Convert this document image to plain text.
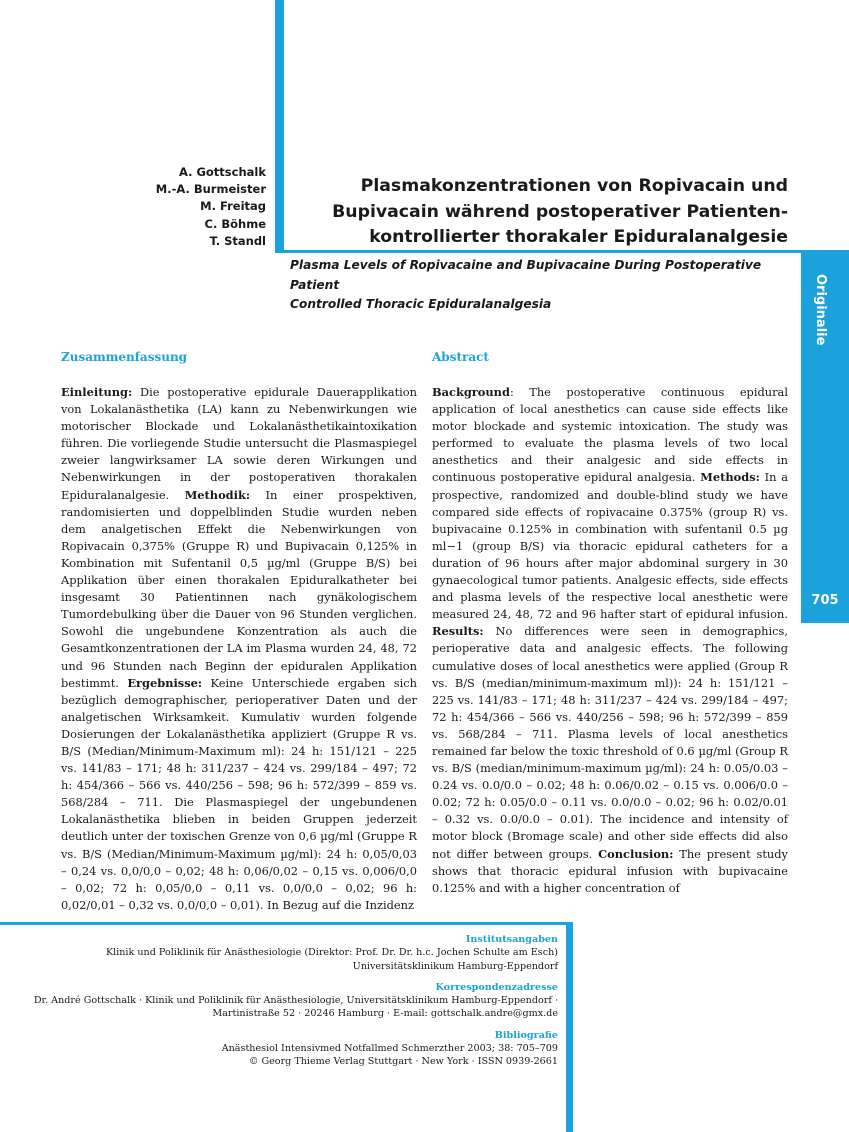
Originalie
705
A. Gottschalk
M.-A. Burmeister
M. Freitag
C. Böhme
T. Standl
Plasmakonzentrationen von Ropivacain und
Bupivacain während postoperativer Patienten-
kontrollierter thorakaler Epiduralanalgesie
Plasma Levels of Ropivacaine and Bupivacaine During Postoperative Patient
Controlled Thoracic Epiduralanalgesia
Zusammenfassung	Abstract

Einleitung: Die postoperative epidurale Dauerapplikation von Lokalanästhetika (LA) kann zu Nebenwirkungen wie motorischer Blockade und Lokalanästhetikaintoxikation führen. Die vorliegende Studie untersucht die Plasmaspiegel zweier langwirksamer LA sowie deren Wirkungen und Nebenwirkungen in der postoperativen thorakalen Epiduralanalgesie. Methodik: In einer prospektiven, randomisierten und doppelblinden Studie wurden neben dem analgetischen Effekt die Nebenwirkungen von Ropivacain 0,375% (Gruppe R) und Bupivacain 0,125% in Kombination mit Sufentanil 0,5 µg/ml (Gruppe B/S) bei Applikation über einen thorakalen Epiduralkatheter bei insgesamt 30 Patientinnen nach gynäkologischem Tumordebulking über die Dauer von 96 Stunden verglichen. Sowohl die ungebundene Konzentration als auch die Gesamtkonzentrationen der LA im Plasma wurden 24, 48, 72 und 96 Stunden nach Beginn der epiduralen Applikation bestimmt. Ergebnisse: Keine Unterschiede ergaben sich bezüglich demographischer, perioperativer Daten und der analgetischen Wirksamkeit. Kumulativ wurden folgende Dosierungen der Lokalanästhetika appliziert (Gruppe R vs. B/S (Median/Minimum-Maximum ml): 24 h: 151/121 – 225 vs. 141/83 – 171; 48 h: 311/237 – 424 vs. 299/184 – 497; 72 h: 454/366 – 566 vs. 440/256 – 598; 96 h: 572/399 – 859 vs. 568/284 – 711. Die Plasmaspiegel der ungebundenen Lokalanästhetika blieben in beiden Gruppen jederzeit deutlich unter der toxischen Grenze von 0,6 µg/ml (Gruppe R vs. B/S (Median/Minimum-Maximum µg/ml): 24 h: 0,05/0,03 – 0,24 vs. 0,0/0,0 – 0,02; 48 h: 0,06/0,02 – 0,15 vs. 0,006/0,0 – 0,02; 72 h: 0,05/0,0 – 0,11 vs. 0,0/0,0 – 0,02; 96 h: 0,02/0,01 – 0,32 vs. 0,0/0,0 – 0,01). In Bezug auf die Inzidenz

Background: The postoperative continuous epidural application of local anesthetics can cause side effects like motor blockade and systemic intoxication. The study was performed to evaluate the plasma levels of two local anesthetics and their analgesic and side effects in continuous postoperative epidural analgesia. Methods: In a prospective, randomized and double-blind study we have compared side effects of ropivacaine 0.375% (group R) vs. bupivacaine 0.125% in combination with sufentanil 0.5 µg ml−1 (group B/S) via thoracic epidural catheters for a duration of 96 hours after major abdominal surgery in 30 gynaecological tumor patients. Analgesic effects, side effects and plasma levels of the respective local anesthetic were measured 24, 48, 72 and 96 hafter start of epidural infusion. Results: No differences were seen in demographics, perioperative data and analgesic effects. The following cumulative doses of local anesthetics were applied (Group R vs. B/S (median/minimum-maximum ml)): 24 h: 151/121 – 225 vs. 141/83 – 171; 48 h: 311/237 – 424 vs. 299/184 – 497; 72 h: 454/366 – 566 vs. 440/256 – 598; 96 h: 572/399 – 859 vs. 568/284 – 711. Plasma levels of local anesthetics remained far below the toxic threshold of 0.6 µg/ml (Group R vs. B/S (median/minimum-maximum µg/ml): 24 h: 0.05/0.03 – 0.24 vs. 0.0/0.0 – 0.02; 48 h: 0.06/0.02 – 0.15 vs. 0.006/0.0 – 0.02; 72 h: 0.05/0.0 – 0.11 vs. 0.0/0.0 – 0.02; 96 h: 0.02/0.01 – 0.32 vs. 0.0/0.0 – 0.01). The incidence and intensity of motor block (Bromage scale) and other side effects did also not differ between groups. Conclusion: The present study shows that thoracic epidural infusion with bupivacaine 0.125% and with a higher concentration of

Institutsangaben
Klinik und Poliklinik für Anästhesiologie (Direktor: Prof. Dr. Dr. h.c. Jochen Schulte am Esch)
Universitätsklinikum Hamburg-Eppendorf
Korrespondenzadresse
Dr. André Gottschalk · Klinik und Poliklinik für Anästhesiologie, Universitätsklinikum Hamburg-Eppendorf ·
Martinistraße 52 · 20246 Hamburg · E-mail: gottschalk.andre@gmx.de
Bibliografie
Anästhesiol Intensivmed Notfallmed Schmerzther 2003; 38: 705–709
© Georg Thieme Verlag Stuttgart · New York · ISSN 0939-2661
